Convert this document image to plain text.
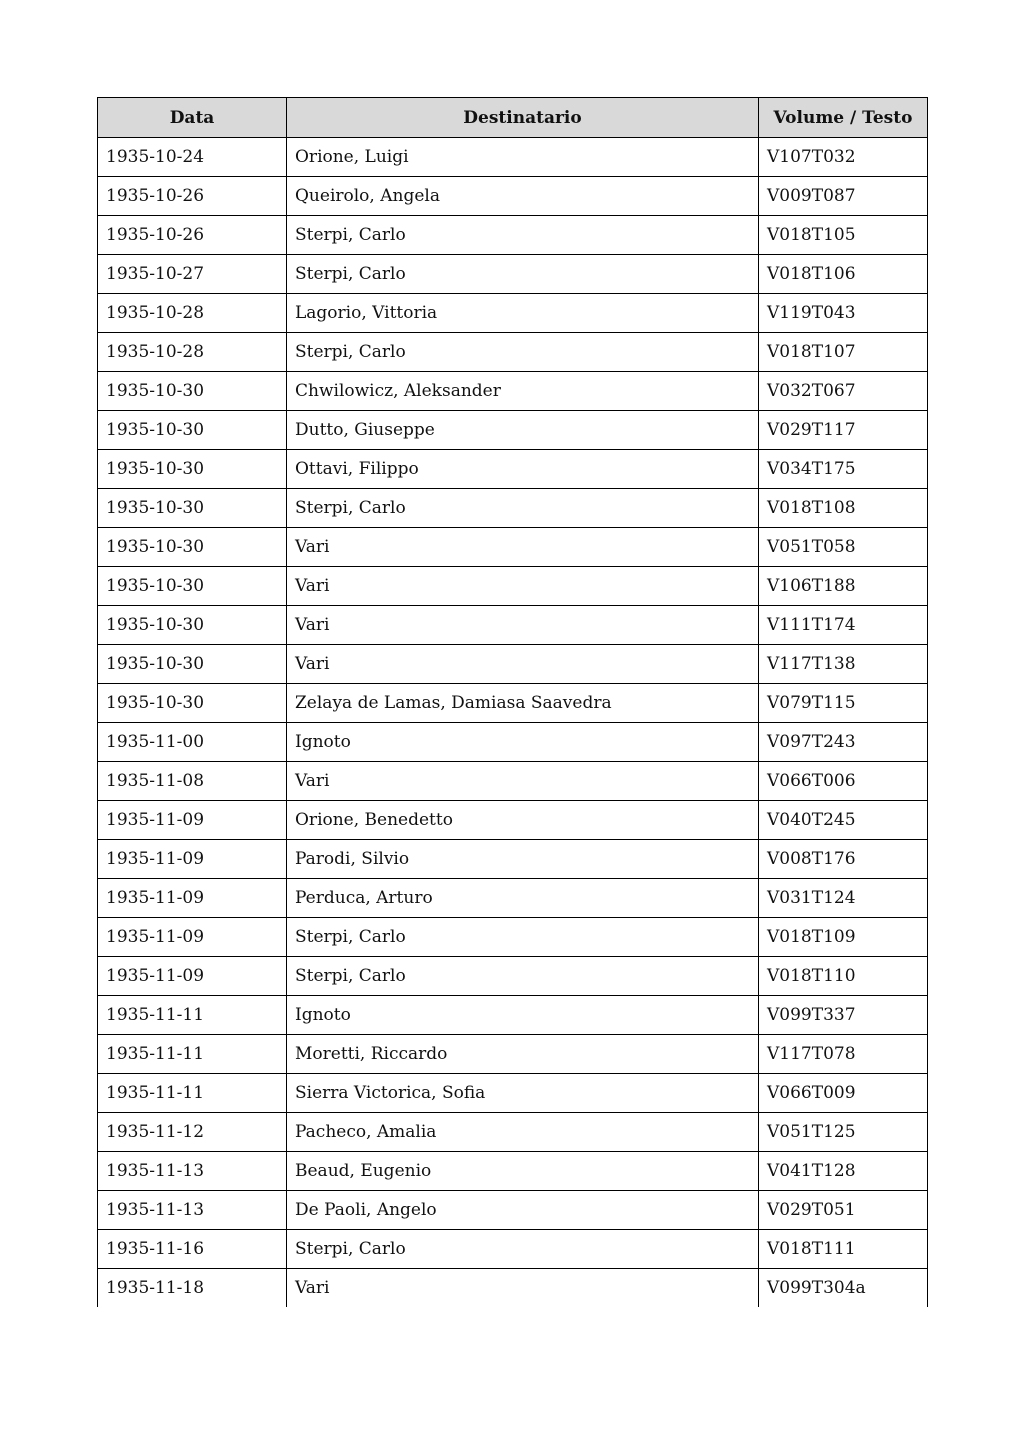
Data	Destinatario	Volume / Testo
1935-10-24	Orione, Luigi	V107T032
1935-10-26	Queirolo, Angela	V009T087
1935-10-26	Sterpi, Carlo	V018T105
1935-10-27	Sterpi, Carlo	V018T106
1935-10-28	Lagorio, Vittoria	V119T043
1935-10-28	Sterpi, Carlo	V018T107
1935-10-30	Chwilowicz, Aleksander	V032T067
1935-10-30	Dutto, Giuseppe	V029T117
1935-10-30	Ottavi, Filippo	V034T175
1935-10-30	Sterpi, Carlo	V018T108
1935-10-30	Vari	V051T058
1935-10-30	Vari	V106T188
1935-10-30	Vari	V111T174
1935-10-30	Vari	V117T138
1935-10-30	Zelaya de Lamas, Damiasa Saavedra	V079T115
1935-11-00	Ignoto	V097T243
1935-11-08	Vari	V066T006
1935-11-09	Orione, Benedetto	V040T245
1935-11-09	Parodi, Silvio	V008T176
1935-11-09	Perduca, Arturo	V031T124
1935-11-09	Sterpi, Carlo	V018T109
1935-11-09	Sterpi, Carlo	V018T110
1935-11-11	Ignoto	V099T337
1935-11-11	Moretti, Riccardo	V117T078
1935-11-11	Sierra Victorica, Sofia	V066T009
1935-11-12	Pacheco, Amalia	V051T125
1935-11-13	Beaud, Eugenio	V041T128
1935-11-13	De Paoli, Angelo	V029T051
1935-11-16	Sterpi, Carlo	V018T111
1935-11-18	Vari	V099T304a
